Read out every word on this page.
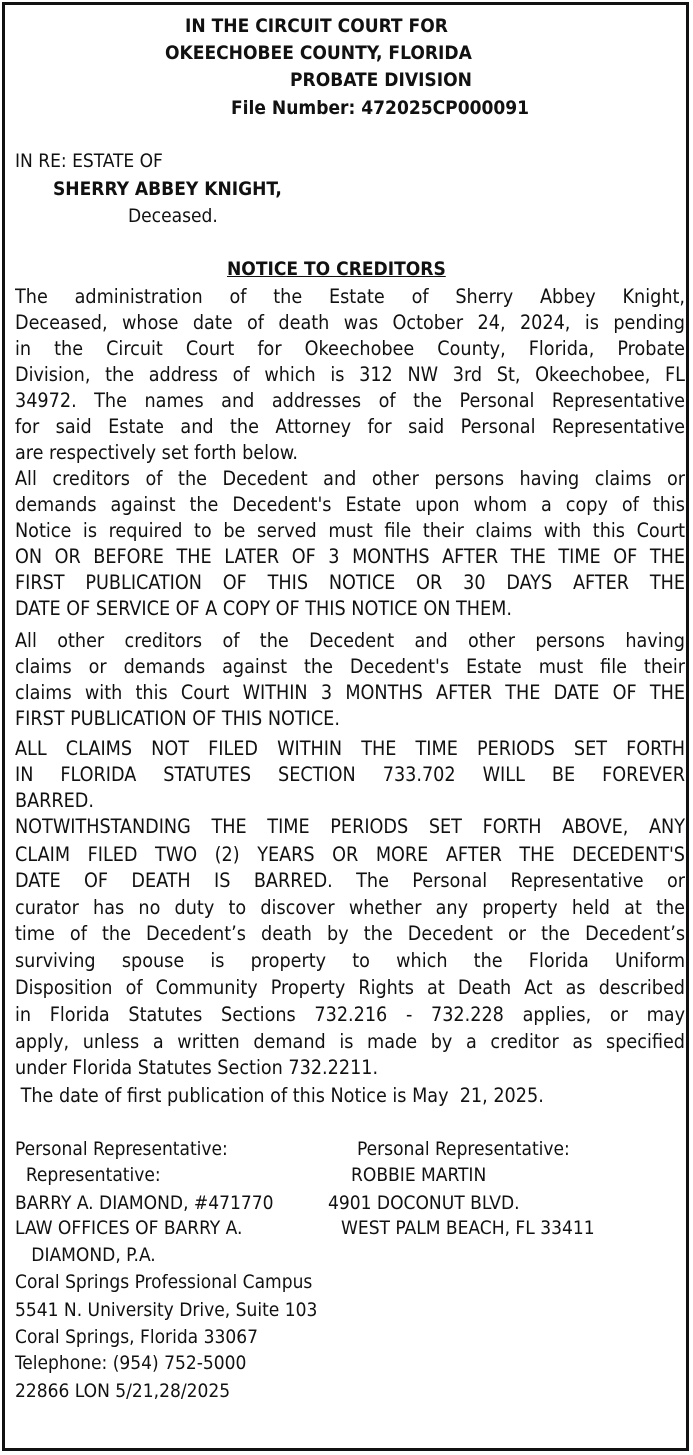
IN THE CIRCUIT COURT FOR
OKEECHOBEE COUNTY, FLORIDA
PROBATE DIVISION
File Number: 472025CP000091
IN RE: ESTATE OF
SHERRY ABBEY KNIGHT,
Deceased.
NOTICE TO CREDITORS
The administration of the Estate of Sherry Abbey Knight,
Deceased, whose date of death was October 24, 2024, is pending
in the Circuit Court for Okeechobee County, Florida, Probate
Division, the address of which is 312 NW 3rd St, Okeechobee, FL
34972. The names and addresses of the Personal Representative
for said Estate and the Attorney for said Personal Representative
are respectively set forth below.
All creditors of the Decedent and other persons having claims or
demands against the Decedent's Estate upon whom a copy of this
Notice is required to be served must file their claims with this Court
ON OR BEFORE THE LATER OF 3 MONTHS AFTER THE TIME OF THE
FIRST PUBLICATION OF THIS NOTICE OR 30 DAYS AFTER THE
DATE OF SERVICE OF A COPY OF THIS NOTICE ON THEM.
All other creditors of the Decedent and other persons having
claims or demands against the Decedent's Estate must file their
claims with this Court WITHIN 3 MONTHS AFTER THE DATE OF THE
FIRST PUBLICATION OF THIS NOTICE.
ALL CLAIMS NOT FILED WITHIN THE TIME PERIODS SET FORTH
IN FLORIDA STATUTES SECTION 733.702 WILL BE FOREVER
BARRED.
NOTWITHSTANDING THE TIME PERIODS SET FORTH ABOVE, ANY
CLAIM FILED TWO (2) YEARS OR MORE AFTER THE DECEDENT'S
DATE OF DEATH IS BARRED. The Personal Representative or
curator has no duty to discover whether any property held at the
time of the Decedent’s death by the Decedent or the Decedent’s
surviving spouse is property to which the Florida Uniform
Disposition of Community Property Rights at Death Act as described
in Florida Statutes Sections 732.216 - 732.228 applies, or may
apply, unless a written demand is made by a creditor as specified
under Florida Statutes Section 732.2211.
The date of first publication of this Notice is May  21, 2025.
Personal Representative:
Representative:
BARRY A. DIAMOND, #471770
LAW OFFICES OF BARRY A.
DIAMOND, P.A.
Coral Springs Professional Campus
5541 N. University Drive, Suite 103
Coral Springs, Florida 33067
Telephone: (954) 752-5000
22866 LON 5/21,28/2025
Personal Representative:
ROBBIE MARTIN
4901 DOCONUT BLVD.
WEST PALM BEACH, FL 33411
